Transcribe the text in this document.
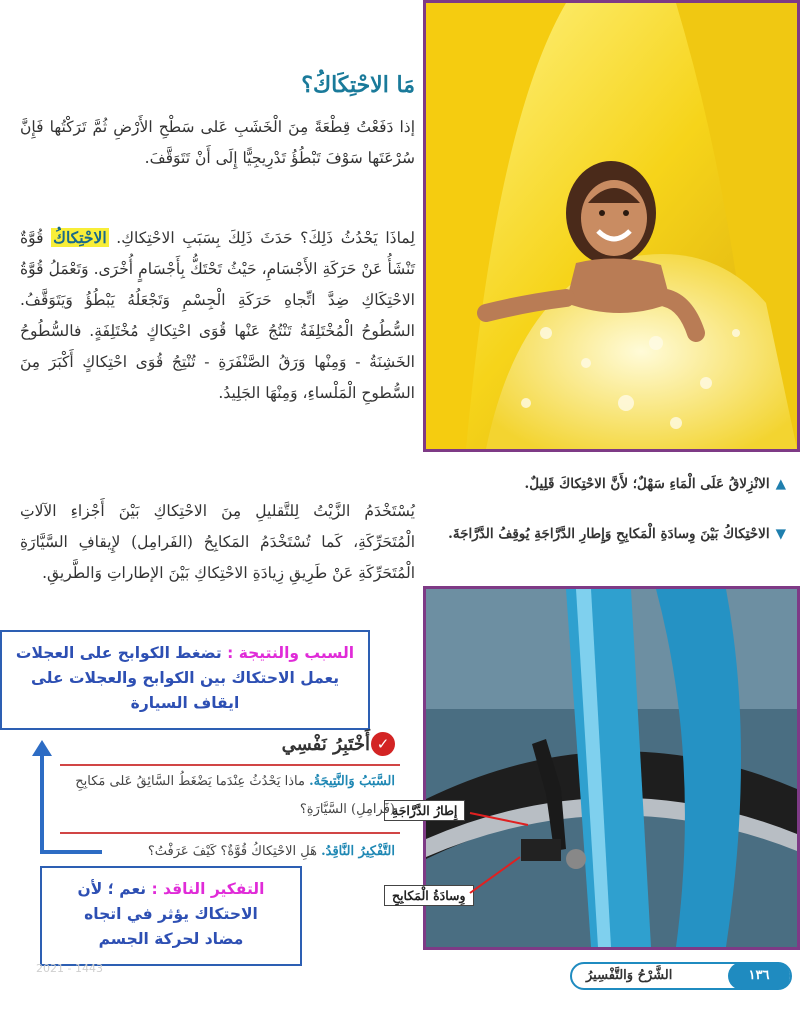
مَا الاحْتِكَاكُ؟
إذا دَفَعْتُ قِطْعَةً مِنَ الْخَشَبِ عَلى سَطْحِ الأَرْضِ ثُمَّ تَرَكْتُها فَإِنَّ سُرْعَتَها سَوْفَ تَبْطُؤُ تَدْرِيجِيًّا إِلَى أَنْ تَتَوَقَّفَ.
لِماذَا يَحْدُثُ ذَلِكَ؟ حَدَثَ ذَلِكَ بِسَبَبِ الاحْتِكاكِ. الاحْتِكاكُ قُوَّةٌ تَنْشَأُ عَنْ حَرَكَةِ الأَجْسَامِ، حَيْثُ تَحْتَكُّ بِأَجْسَامٍ أُخْرَى. وَتَعْمَلُ قُوَّةُ الاحْتِكَاكِ ضِدَّ اتِّجاهِ حَرَكَةِ الْجِسْمِ وَتَجْعَلُهُ يَبْطُؤُ وَيَتَوَقَّفُ. السُّطُوحُ الْمُخْتَلِفَةُ تَنْتُجُ عَنْها قُوَى احْتِكاكٍ مُخْتَلِفَةٍ. فالسُّطُوحُ الخَشِنَةُ - وَمِنْها وَرَقُ الصَّنْفَرَةِ - تُنْتِجُ قُوَى احْتِكاكٍ أَكْبَرَ مِنَ السُّطوحِ الْمَلْساءِ، وَمِنْهَا الجَلِيدُ.
يُسْتَخْدَمُ الزَّيْتُ لِلتَّقليلِ مِنَ الاحْتِكاكِ بَيْنَ أَجْزاءِ الآلاتِ الْمُتَحَرِّكَةِ، كَما تُسْتَخْدَمُ المَكابِحُ (الفَرامِل) لإِيقافِ السَّيَّارَةِ الْمُتَحَرِّكَةِ عَنْ طَرِيقِ زِيادَةِ الاحْتِكاكِ بَيْنَ الإطاراتِ وَالطَّريقِ.
▲الانْزِلاقُ عَلَى الْمَاءِ سَهْلٌ؛ لأَنَّ الاحْتِكاكَ قَلِيلٌ.
▼الاحْتِكاكُ بَيْنَ وِسادَةِ الْمَكابِحِ وَإِطارِ الدَّرَّاجَةِ يُوقِفُ الدَّرَّاجَةَ.
إِطارُ الدَّرَّاجَةِ
وِسادَةُ الْمَكابِحِ
السبب والنتيجة : تضغط الكوابح على العجلات
يعمل الاحتكاك بين الكوابح والعجلات على
ايقاف السيارة
✓
أَخْتَبِرُ نَفْسِي
السَّبَبُ وَالنَّتِيجَةُ. ماذا يَحْدُثُ عِنْدَما يَضْغَطُ السَّائِقُ عَلى مَكابِحِ (فَرامِلِ) السَّيَّارَةِ؟
التَّفْكِيرُ النَّاقِدُ. هَلِ الاحْتِكاكُ قُوَّةٌ؟ كَيْفَ عَرَفْتُ؟
التفكير الناقد : نعم ؛ لأن
الاحتكاك يؤثر في اتجاه
مضاد لحركة الجسم
2021 - 1443	١٣٦
الشَّرْحُ وَالتَّفْسِيرُ
